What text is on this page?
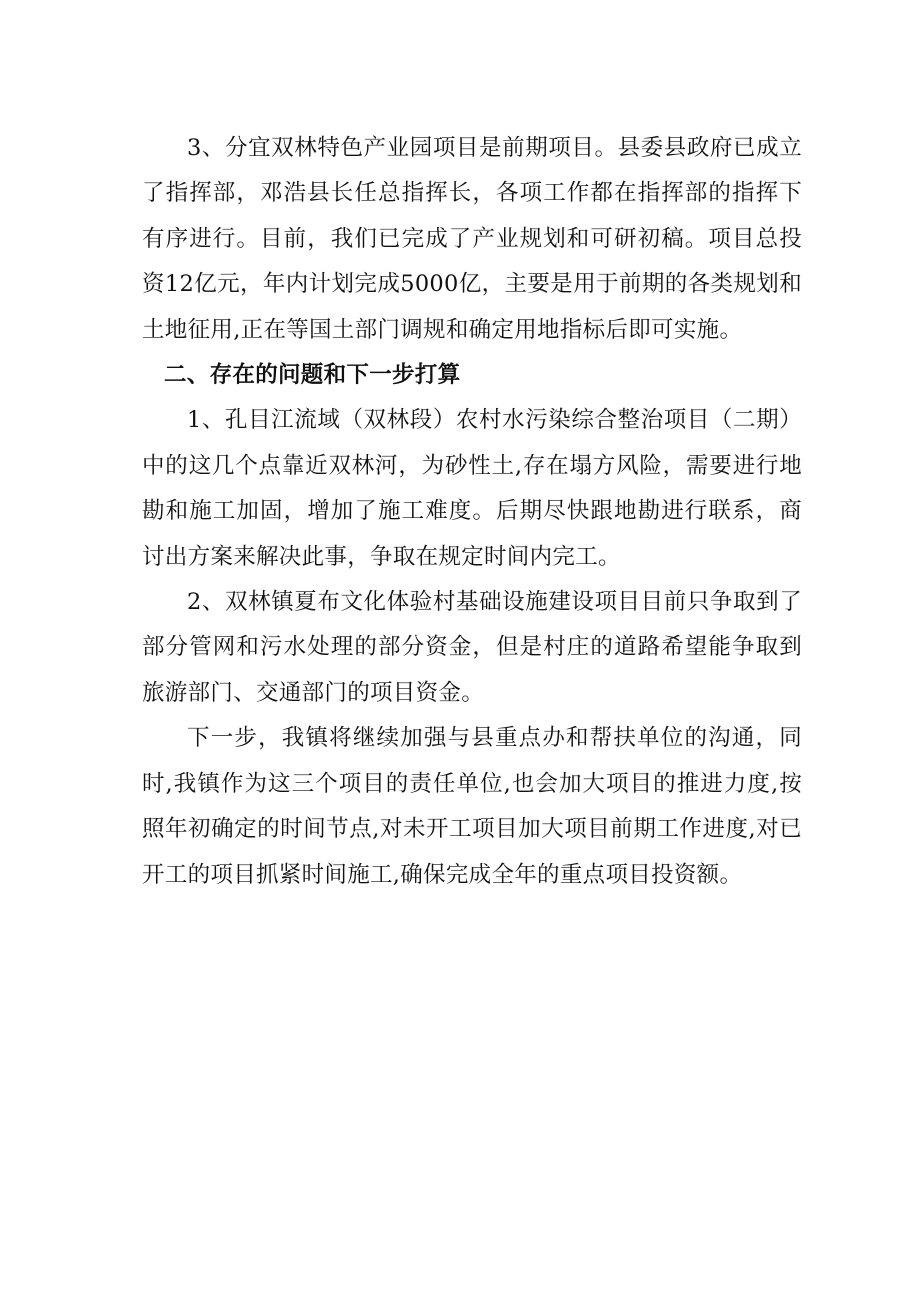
3、分宜双林特色产业园项目是前期项目。县委县政府已成立了指挥部，邓浩县长任总指挥长，各项工作都在指挥部的指挥下有序进行。目前，我们已完成了产业规划和可研初稿。项目总投资12亿元，年内计划完成5000亿，主要是用于前期的各类规划和土地征用,正在等国土部门调规和确定用地指标后即可实施。

二、存在的问题和下一步打算

1、孔目江流域（双林段）农村水污染综合整治项目（二期）中的这几个点靠近双林河，为砂性土,存在塌方风险，需要进行地勘和施工加固，增加了施工难度。后期尽快跟地勘进行联系，商讨出方案来解决此事，争取在规定时间内完工。

2、双林镇夏布文化体验村基础设施建设项目目前只争取到了部分管网和污水处理的部分资金，但是村庄的道路希望能争取到旅游部门、交通部门的项目资金。

下一步，我镇将继续加强与县重点办和帮扶单位的沟通，同时,我镇作为这三个项目的责任单位,也会加大项目的推进力度,按照年初确定的时间节点,对未开工项目加大项目前期工作进度,对已开工的项目抓紧时间施工,确保完成全年的重点项目投资额。
